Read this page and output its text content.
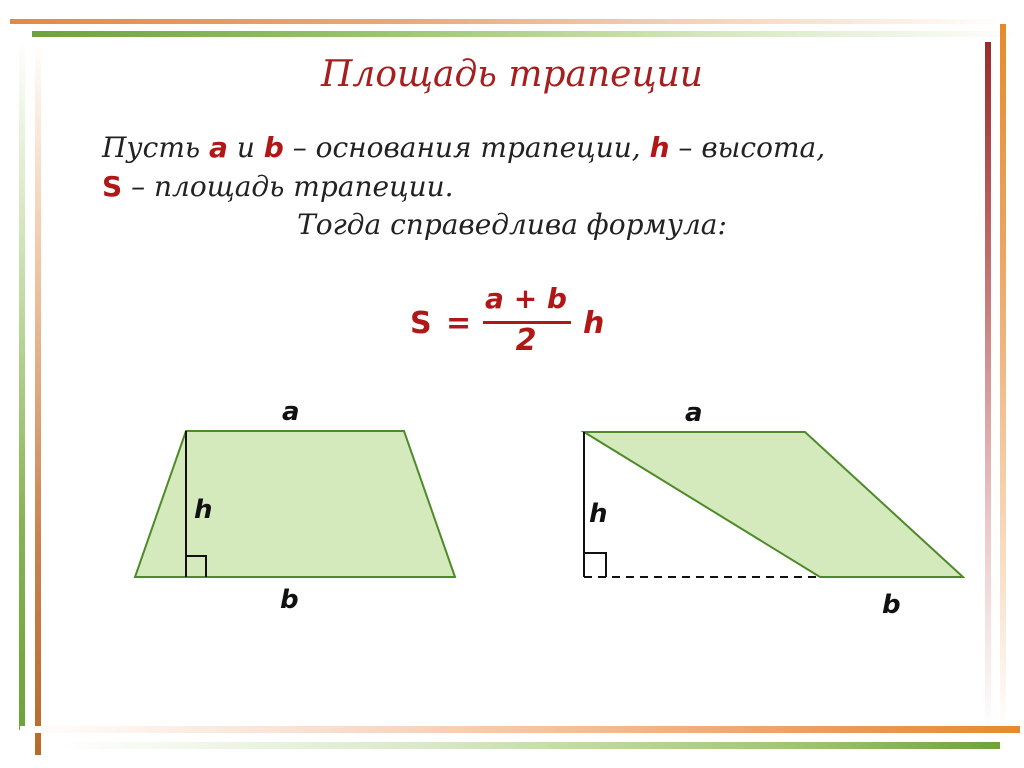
Площадь трапеции
Пусть a и b – основания трапеции, h – высота,
S – площадь трапеции.
Тогда справедлива формула:
S =
a + b
2	h
a
h
b
a
h
b
